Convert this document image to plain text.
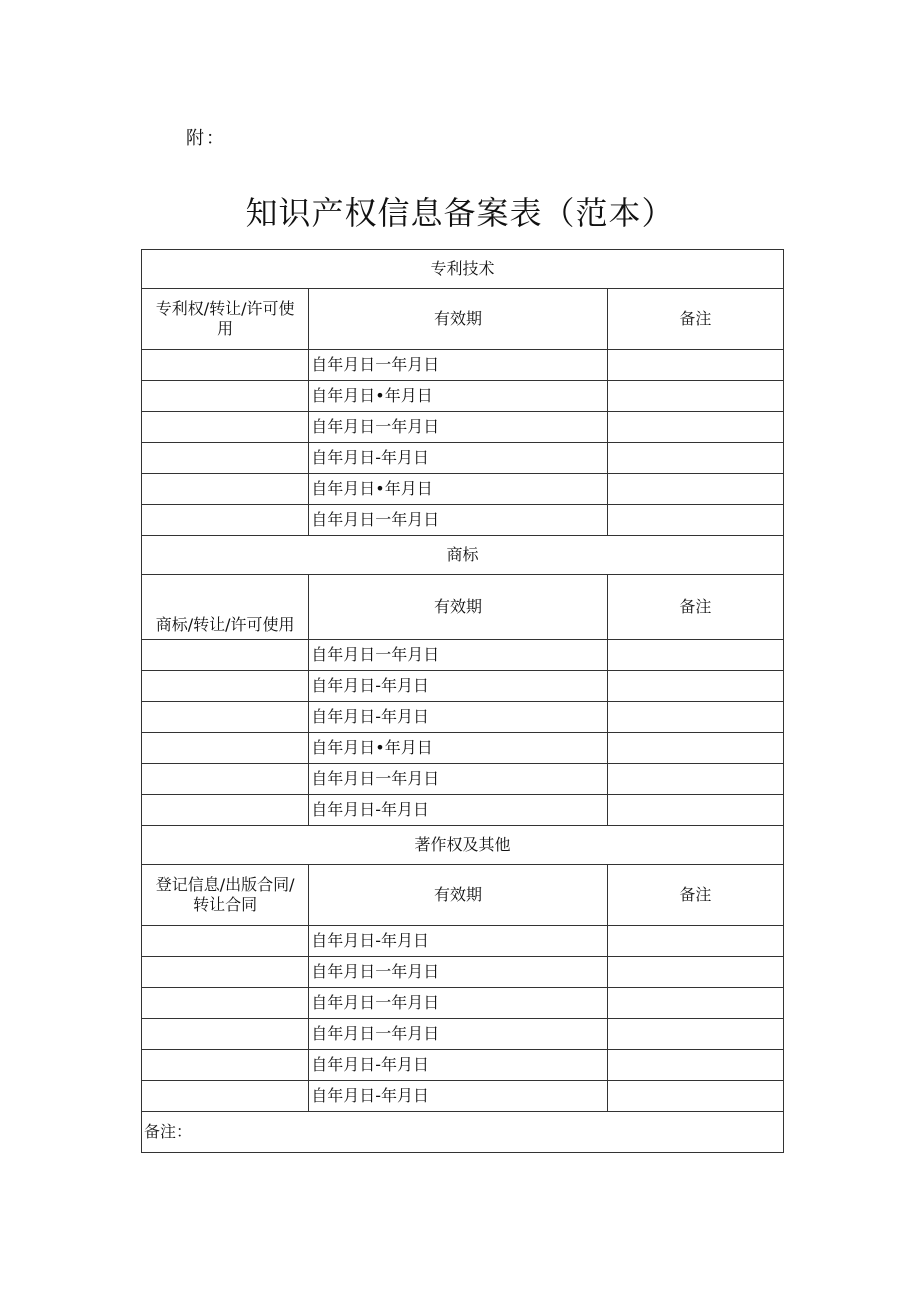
附：
知识产权信息备案表（范本）
专利技术		

专利权/转让/许可使用	有效期	备注
	自年月日一年月日	
	自年月日•年月日	
	自年月日一年月日	
	自年月日-年月日	
	自年月日•年月日	
	自年月日一年月日	
商标		

商标/转让/许可使用	有效期	备注
	自年月日一年月日	
	自年月日-年月日	
	自年月日-年月日	
	自年月日•年月日	
	自年月日一年月日	
	自年月日-年月日	
著作权及其他		

登记信息/出版合同/转让合同	有效期	备注
	自年月日-年月日	
	自年月日一年月日	
	自年月日一年月日	
	自年月日一年月日	
	自年月日-年月日	
	自年月日-年月日	
备注：		
